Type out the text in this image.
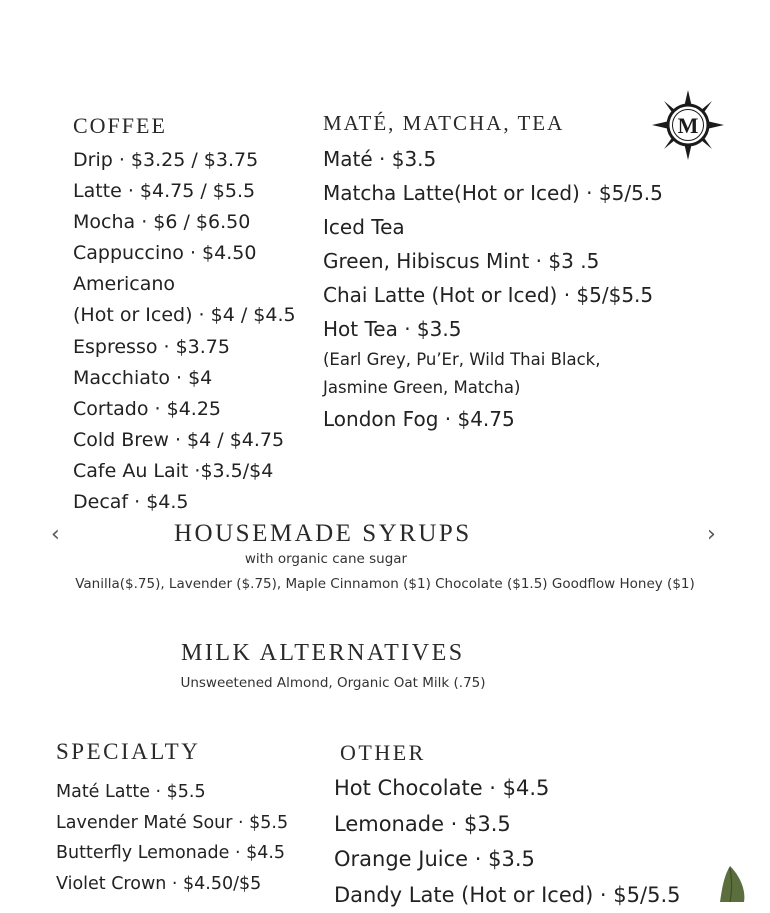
COFFEE
Drip · $3.25 / $3.75
Latte · $4.75 / $5.5
Mocha · $6 / $6.50
Cappuccino · $4.50
Americano
(Hot or Iced) · $4 / $4.5
Espresso · $3.75
Macchiato · $4
Cortado · $4.25
Cold Brew · $4 / $4.75
Cafe Au Lait ·$3.5/$4
Decaf · $4.5
MATÉ, MATCHA, TEA
Maté · $3.5
Matcha Latte(Hot or Iced) · $5/5.5
Iced Tea
Green, Hibiscus Mint · $3 .5
Chai Latte (Hot or Iced) · $5/$5.5
Hot Tea · $3.5
(Earl Grey, Pu’Er, Wild Thai Black,
Jasmine Green, Matcha)
London Fog · $4.75
M
‹	›
HOUSEMADE SYRUPS
with organic cane sugar
Vanilla($.75), Lavender ($.75), Maple Cinnamon ($1) Chocolate ($1.5) Goodflow Honey ($1)
MILK ALTERNATIVES
Unsweetened Almond, Organic Oat Milk (.75)
SPECIALTY
Maté Latte · $5.5
Lavender Maté Sour · $5.5
Butterfly Lemonade · $4.5
Violet Crown · $4.50/$5
OTHER
Hot Chocolate · $4.5
Lemonade · $3.5
Orange Juice · $3.5
Dandy Late (Hot or Iced) · $5/5.5
